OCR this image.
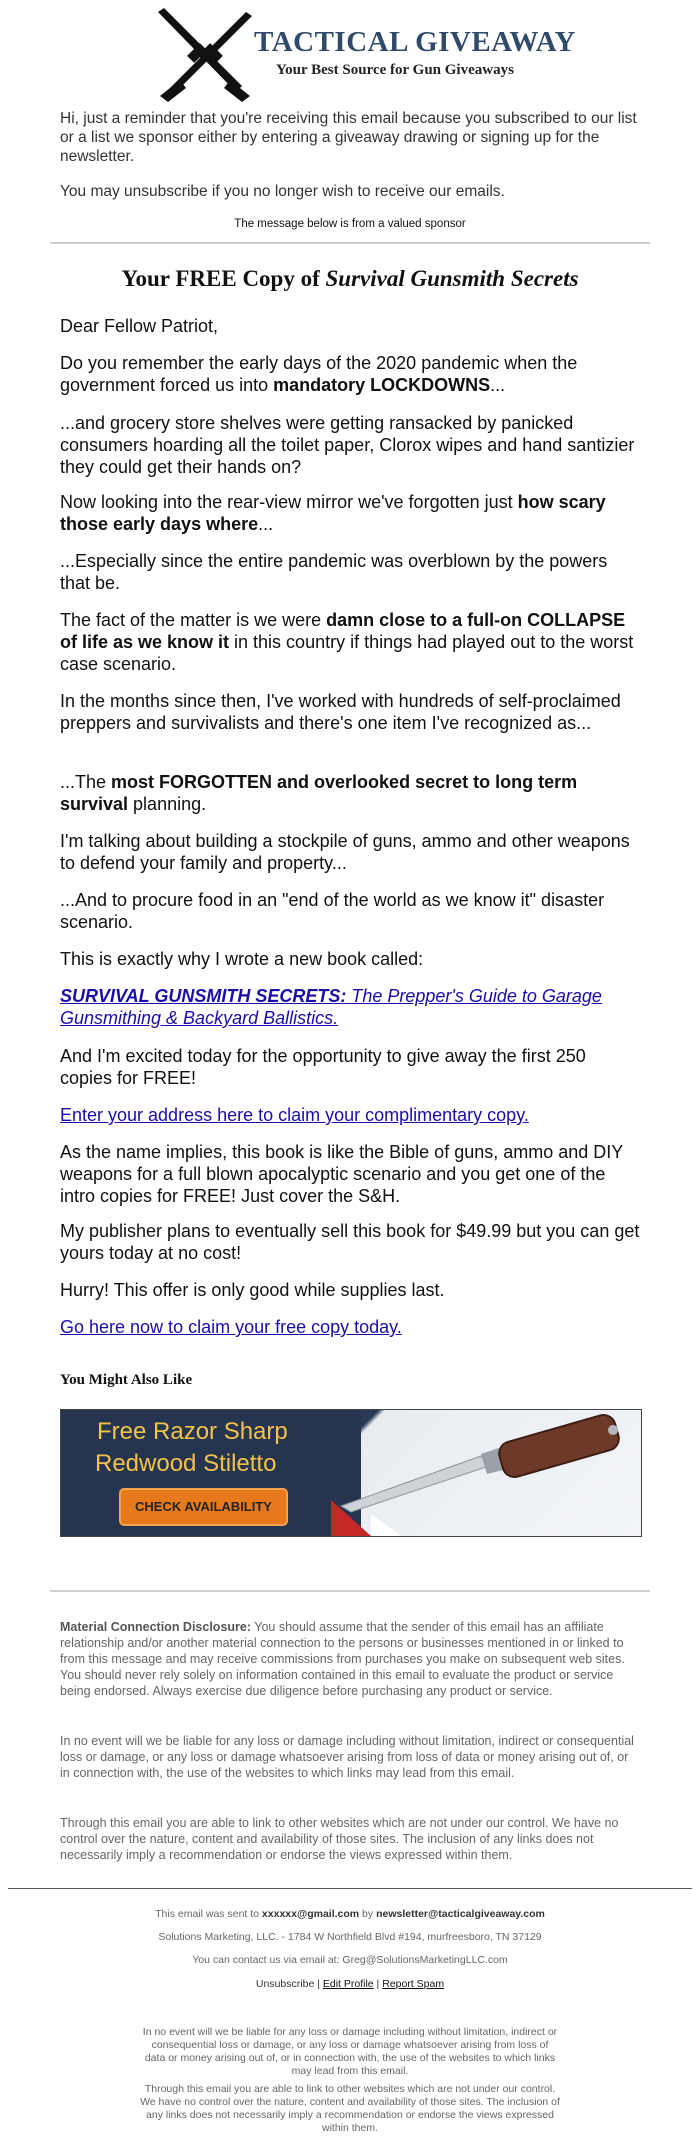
TACTICAL GIVEAWAY
Your Best Source for Gun Giveaways

Hi, just a reminder that you're receiving this email because you subscribed to our list or a list we sponsor either by entering a giveaway drawing or signing up for the newsletter.

You may unsubscribe if you no longer wish to receive our emails.

The message below is from a valued sponsor
Your FREE Copy of Survival Gunsmith Secrets

Dear Fellow Patriot,

Do you remember the early days of the 2020 pandemic when the government forced us into mandatory LOCKDOWNS...

...and grocery store shelves were getting ransacked by panicked consumers hoarding all the toilet paper, Clorox wipes and hand santizier they could get their hands on?

Now looking into the rear-view mirror we've forgotten just how scary those early days where...

...Especially since the entire pandemic was overblown by the powers that be.

The fact of the matter is we were damn close to a full-on COLLAPSE of life as we know it in this country if things had played out to the worst case scenario.

In the months since then, I've worked with hundreds of self-proclaimed preppers and survivalists and there's one item I've recognized as...

...The most FORGOTTEN and overlooked secret to long term survival planning.

I'm talking about building a stockpile of guns, ammo and other weapons to defend your family and property...

...And to procure food in an "end of the world as we know it" disaster scenario.

This is exactly why I wrote a new book called:

SURVIVAL GUNSMITH SECRETS: The Prepper's Guide to Garage Gunsmithing & Backyard Ballistics.

And I'm excited today for the opportunity to give away the first 250 copies for FREE!

Enter your address here to claim your complimentary copy.

As the name implies, this book is like the Bible of guns, ammo and DIY weapons for a full blown apocalyptic scenario and you get one of the intro copies for FREE! Just cover the S&H.

My publisher plans to eventually sell this book for $49.99 but you can get yours today at no cost!

Hurry! This offer is only good while supplies last.

Go here now to claim your free copy today.

You Might Also Like
Free Razor Sharp
Redwood Stiletto
CHECK AVAILABILITY

Material Connection Disclosure: You should assume that the sender of this email has an affiliate relationship and/or another material connection to the persons or businesses mentioned in or linked to from this message and may receive commissions from purchases you make on subsequent web sites. You should never rely solely on information contained in this email to evaluate the product or service being endorsed. Always exercise due diligence before purchasing any product or service.

In no event will we be liable for any loss or damage including without limitation, indirect or consequential loss or damage, or any loss or damage whatsoever arising from loss of data or money arising out of, or in connection with, the use of the websites to which links may lead from this email.

Through this email you are able to link to other websites which are not under our control. We have no control over the nature, content and availability of those sites. The inclusion of any links does not necessarily imply a recommendation or endorse the views expressed within them.

This email was sent to xxxxxx@gmail.com by newsletter@tacticalgiveaway.com
Solutions Marketing, LLC. - 1784 W Northfield Blvd #194, murfreesboro, TN 37129
You can contact us via email at: Greg@SolutionsMarketingLLC.com
Unsubscribe | Edit Profile | Report Spam
In no event will we be liable for any loss or damage including without limitation, indirect or consequential loss or damage, or any loss or damage whatsoever arising from loss of data or money arising out of, or in connection with, the use of the websites to which links may lead from this email.
Through this email you are able to link to other websites which are not under our control. We have no control over the nature, content and availability of those sites. The inclusion of any links does not necessarily imply a recommendation or endorse the views expressed within them.
